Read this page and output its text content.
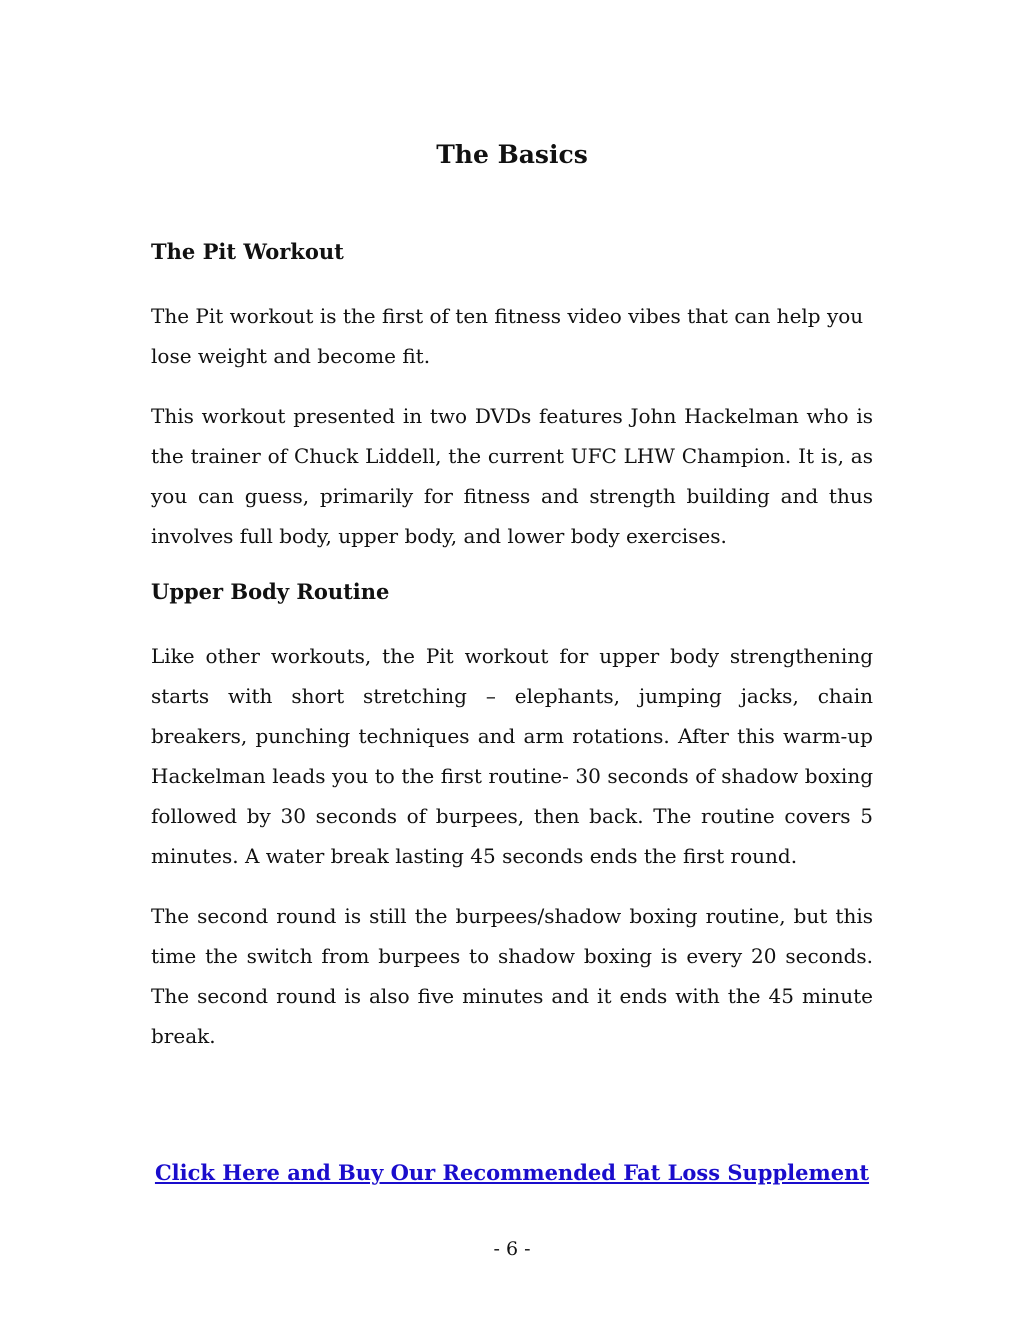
The Basics
The Pit Workout

The Pit workout is the first of ten fitness video vibes that can help you lose weight and become fit.

This workout presented in two DVDs features John Hackelman who is the trainer of Chuck Liddell, the current UFC LHW Champion. It is, as you can guess, primarily for fitness and strength building and thus involves full body, upper body, and lower body exercises.

Upper Body Routine

Like other workouts, the Pit workout for upper body strengthening starts with short stretching – elephants, jumping jacks, chain breakers, punching techniques and arm rotations. After this warm-up Hackelman leads you to the first routine- 30 seconds of shadow boxing followed by 30 seconds of burpees, then back. The routine covers 5 minutes. A water break lasting 45 seconds ends the first round.

The second round is still the burpees/shadow boxing routine, but this time the switch from burpees to shadow boxing is every 20 seconds. The second round is also five minutes and it ends with the 45 minute break.

Click Here and Buy Our Recommended Fat Loss Supplement
- 6 -
